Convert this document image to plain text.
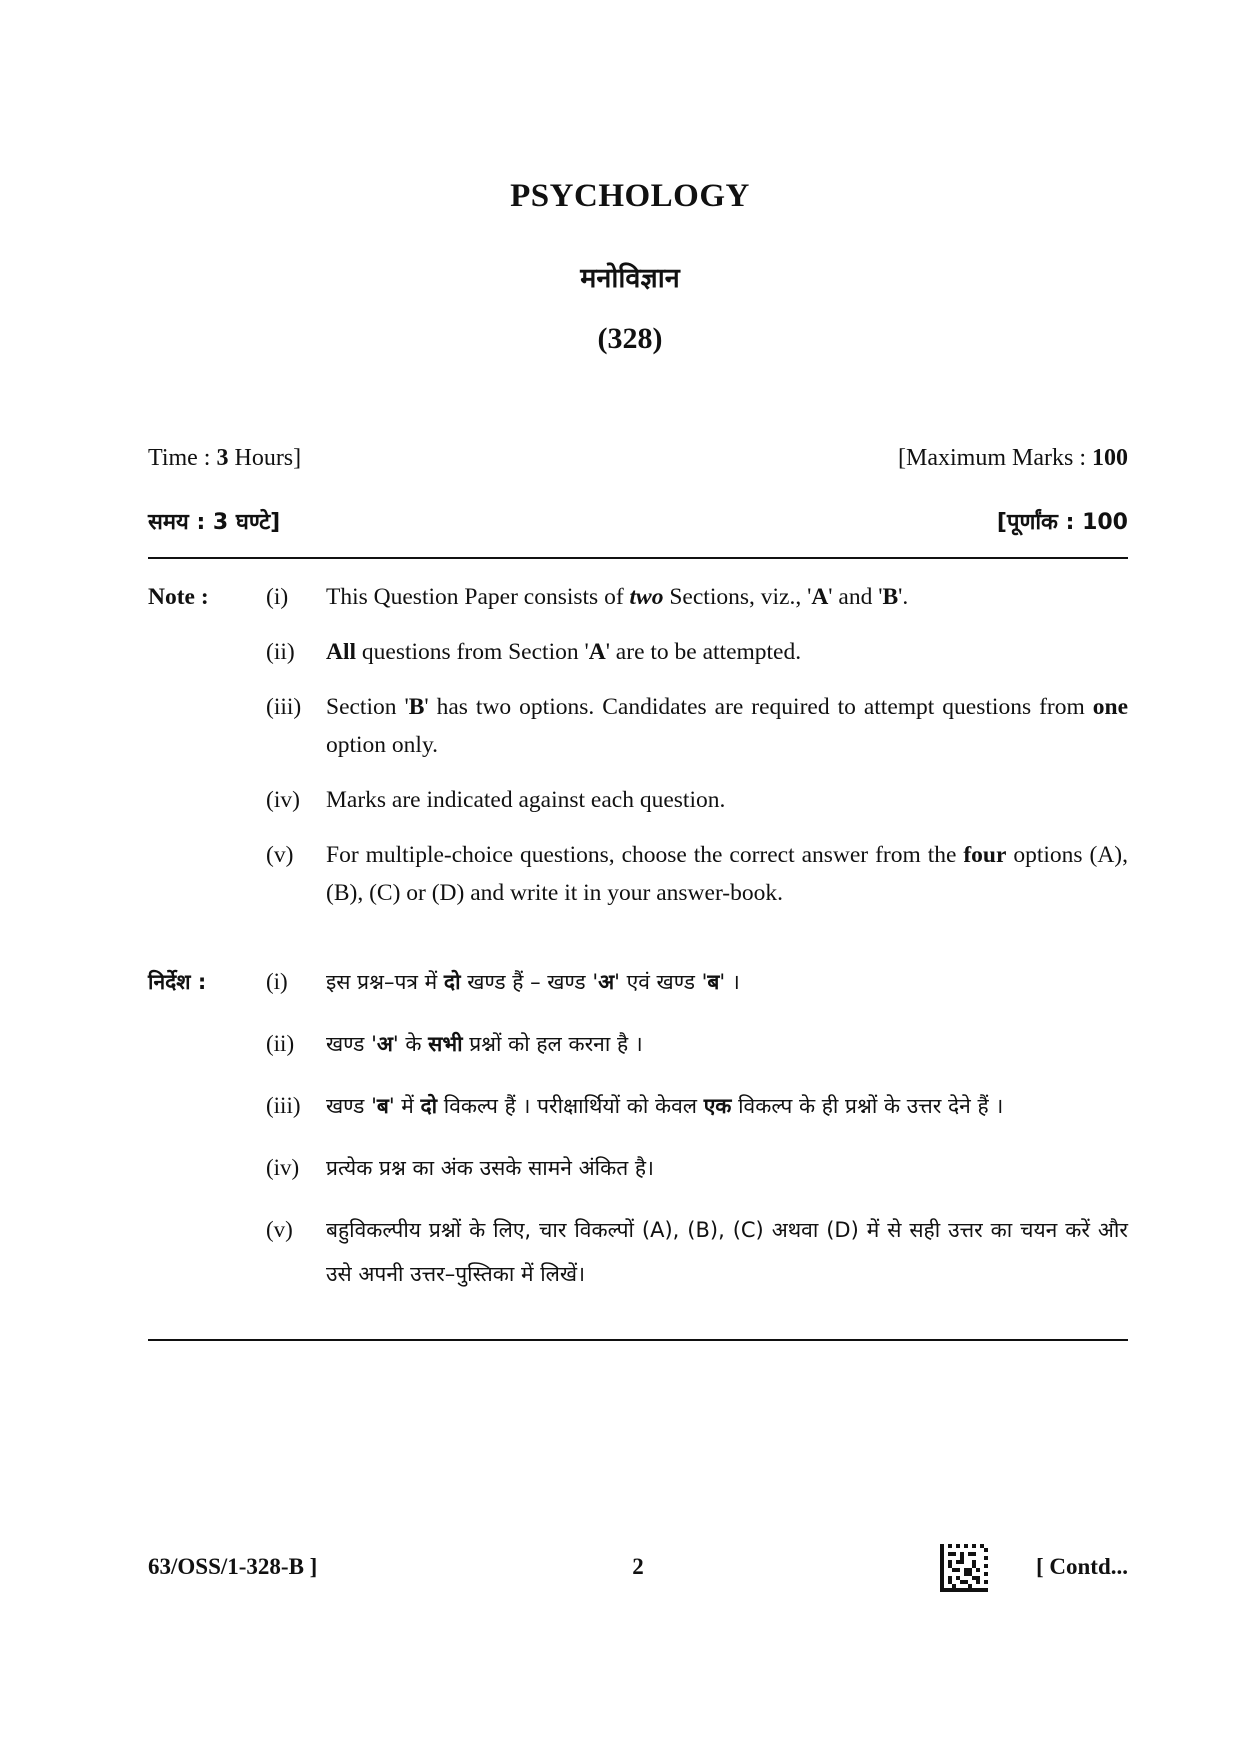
PSYCHOLOGY
मनोविज्ञान
(328)
Time : 3 Hours]	[Maximum Marks : 100
समय : 3 घण्टे]	[पूर्णांक : 100
Note :	(i)	This Question Paper consists of two Sections, viz., 'A' and 'B'.
(ii)	All questions from Section 'A' are to be attempted.
(iii)	Section 'B' has two options. Candidates are required to attempt questions from one option only.
(iv)	Marks are indicated against each question.
(v)	For multiple-choice questions, choose the correct answer from the four options (A), (B), (C) or (D) and write it in your answer-book.
निर्देश :	(i)	इस प्रश्न–पत्र में दो खण्ड हैं – खण्ड 'अ' एवं खण्ड 'ब' ।
(ii)	खण्ड 'अ' के सभी प्रश्नों को हल करना है ।
(iii)	खण्ड 'ब' में दो विकल्प हैं । परीक्षार्थियों को केवल एक विकल्प के ही प्रश्नों के उत्तर देने हैं ।
(iv)	प्रत्येक प्रश्न का अंक उसके सामने अंकित है।
(v)	बहुविकल्पीय प्रश्नों के लिए, चार विकल्पों (A), (B), (C) अथवा (D) में से सही उत्तर का चयन करें और उसे अपनी उत्तर–पुस्तिका में लिखें।
63/OSS/1-328-B ]	2	[ Contd...
